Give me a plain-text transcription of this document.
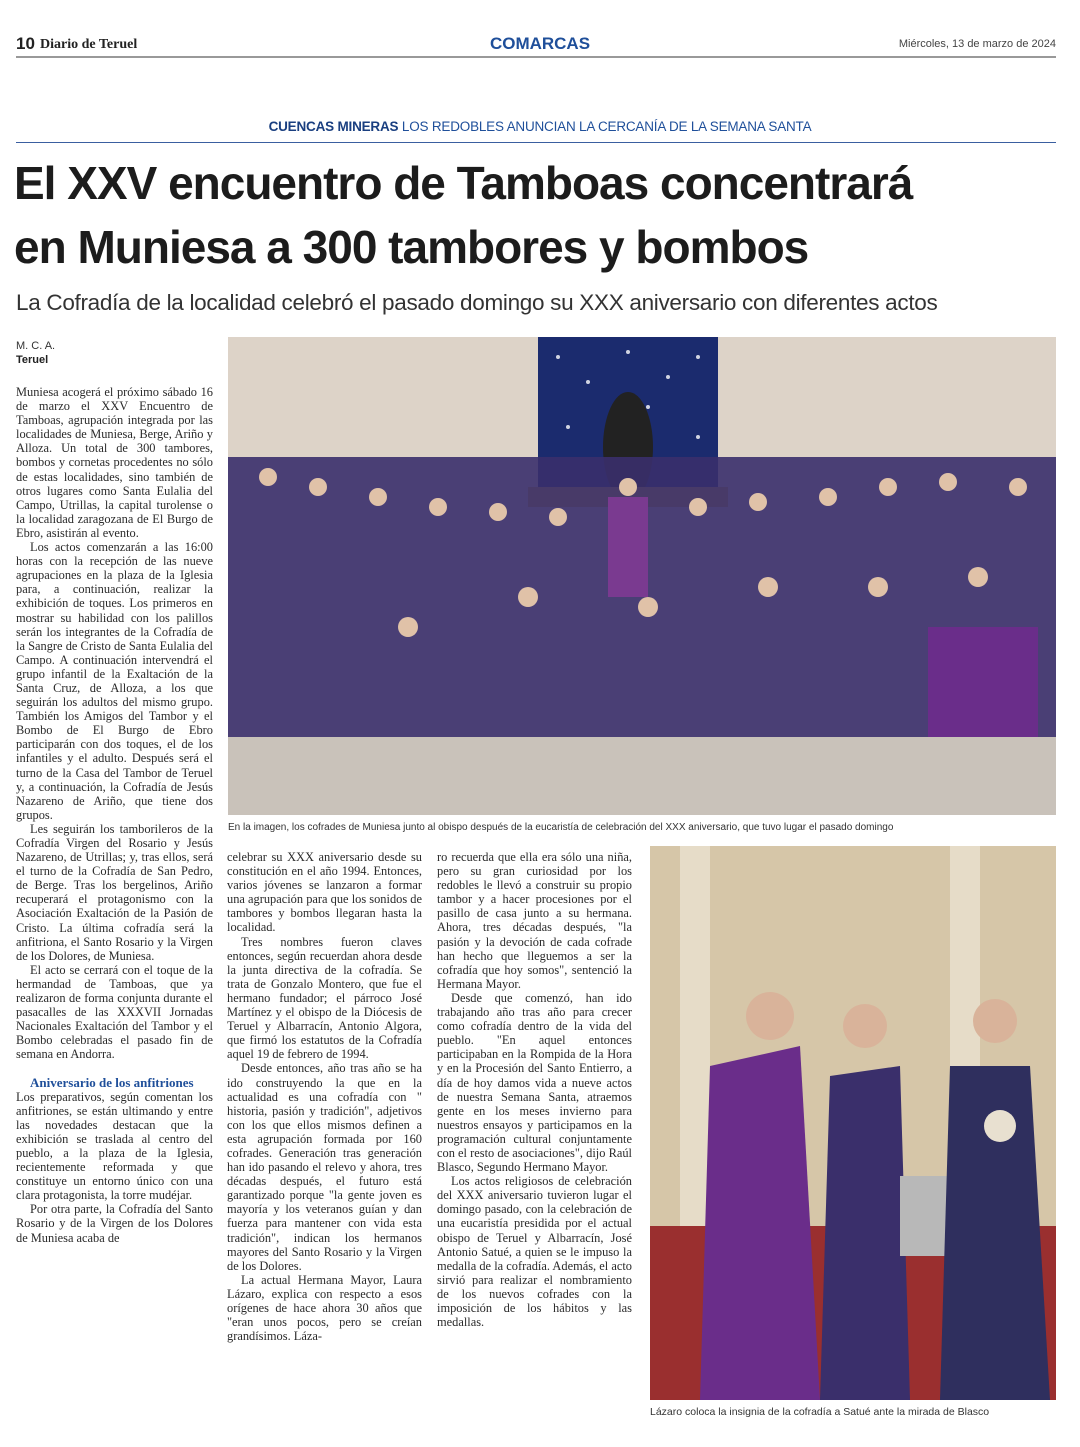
10 Diario de Teruel	COMARCAS	Miércoles, 13 de marzo de 2024
CUENCAS MINERAS LOS REDOBLES ANUNCIAN LA CERCANÍA DE LA SEMANA SANTA
El XXV encuentro de Tamboas concentrará
en Muniesa a 300 tambores y bombos
La Cofradía de la localidad celebró el pasado domingo su XXX aniversario con diferentes actos
M. C. A.
Teruel

Muniesa acogerá el próximo sábado 16 de marzo el XXV Encuentro de Tamboas, agrupación integrada por las localidades de Muniesa, Berge, Ariño y Alloza. Un total de 300 tambores, bombos y cornetas procedentes no sólo de estas localidades, sino también de otros lugares como Santa Eulalia del Campo, Utrillas, la capital turolense o la localidad zaragozana de El Burgo de Ebro, asistirán al evento.

Los actos comenzarán a las 16:00 horas con la recepción de las nueve agrupaciones en la plaza de la Iglesia para, a continuación, realizar la exhibición de toques. Los primeros en mostrar su habilidad con los palillos serán los integrantes de la Cofradía de la Sangre de Cristo de Santa Eulalia del Campo. A continuación intervendrá el grupo infantil de la Exaltación de la Santa Cruz, de Alloza, a los que seguirán los adultos del mismo grupo. También los Amigos del Tambor y el Bombo de El Burgo de Ebro participarán con dos toques, el de los infantiles y el adulto. Después será el turno de la Casa del Tambor de Teruel y, a continuación, la Cofradía de Jesús Nazareno de Ariño, que tiene dos grupos.

Les seguirán los tamborileros de la Cofradía Virgen del Rosario y Jesús Nazareno, de Utrillas; y, tras ellos, será el turno de la Cofradía de San Pedro, de Berge. Tras los bergelinos, Ariño recuperará el protagonismo con la Asociación Exaltación de la Pasión de Cristo. La última cofradía será la anfitriona, el Santo Rosario y la Virgen de los Dolores, de Muniesa.

El acto se cerrará con el toque de la hermandad de Tamboas, que ya realizaron de forma conjunta durante el pasacalles de las XXXVII Jornadas Nacionales Exaltación del Tambor y el Bombo celebradas el pasado fin de semana en Andorra.

Aniversario de los anfitriones

Los preparativos, según comentan los anfitriones, se están ultimando y entre las novedades destacan que la exhibición se traslada al centro del pueblo, a la plaza de la Iglesia, recientemente reformada y que constituye un entorno único con una clara protagonista, la torre mudéjar.

Por otra parte, la Cofradía del Santo Rosario y de la Virgen de los Dolores de Muniesa acaba de

En la imagen, los cofrades de Muniesa junto al obispo después de la eucaristía de celebración del XXX aniversario, que tuvo lugar el pasado domingo

celebrar su XXX aniversario desde su constitución en el año 1994. Entonces, varios jóvenes se lanzaron a formar una agrupación para que los sonidos de tambores y bombos llegaran hasta la localidad.

Tres nombres fueron claves entonces, según recuerdan ahora desde la junta directiva de la cofradía. Se trata de Gonzalo Montero, que fue el hermano fundador; el párroco José Martínez y el obispo de la Diócesis de Teruel y Albarracín, Antonio Algora, que firmó los estatutos de la Cofradía aquel 19 de febrero de 1994.

Desde entonces, año tras año se ha ido construyendo la que en la actualidad es una cofradía con " historia, pasión y tradición", adjetivos con los que ellos mismos definen a esta agrupación formada por 160 cofrades. Generación tras generación han ido pasando el relevo y ahora, tres décadas después, el futuro está garantizado porque "la gente joven es mayoría y los veteranos guían y dan fuerza para mantener con vida esta tradición", indican los hermanos mayores del Santo Rosario y la Virgen de los Dolores.

La actual Hermana Mayor, Laura Lázaro, explica con respecto a esos orígenes de hace ahora 30 años que "eran unos pocos, pero se creían grandísimos. Láza-

ro recuerda que ella era sólo una niña, pero su gran curiosidad por los redobles le llevó a construir su propio tambor y a hacer procesiones por el pasillo de casa junto a su hermana. Ahora, tres décadas después, "la pasión y la devoción de cada cofrade han hecho que lleguemos a ser la cofradía que hoy somos", sentenció la Hermana Mayor.

Desde que comenzó, han ido trabajando año tras año para crecer como cofradía dentro de la vida del pueblo. "En aquel entonces participaban en la Rompida de la Hora y en la Procesión del Santo Entierro, a día de hoy damos vida a nueve actos de nuestra Semana Santa, atraemos gente en los meses invierno para nuestros ensayos y participamos en la programación cultural conjuntamente con el resto de asociaciones", dijo Raúl Blasco, Segundo Hermano Mayor.

Los actos religiosos de celebración del XXX aniversario tuvieron lugar el domingo pasado, con la celebración de una eucaristía presidida por el actual obispo de Teruel y Albarracín, José Antonio Satué, a quien se le impuso la medalla de la cofradía. Además, el acto sirvió para realizar el nombramiento de los nuevos cofrades con la imposición de los hábitos y las medallas.

Lázaro coloca la insignia de la cofradía a Satué ante la mirada de Blasco
